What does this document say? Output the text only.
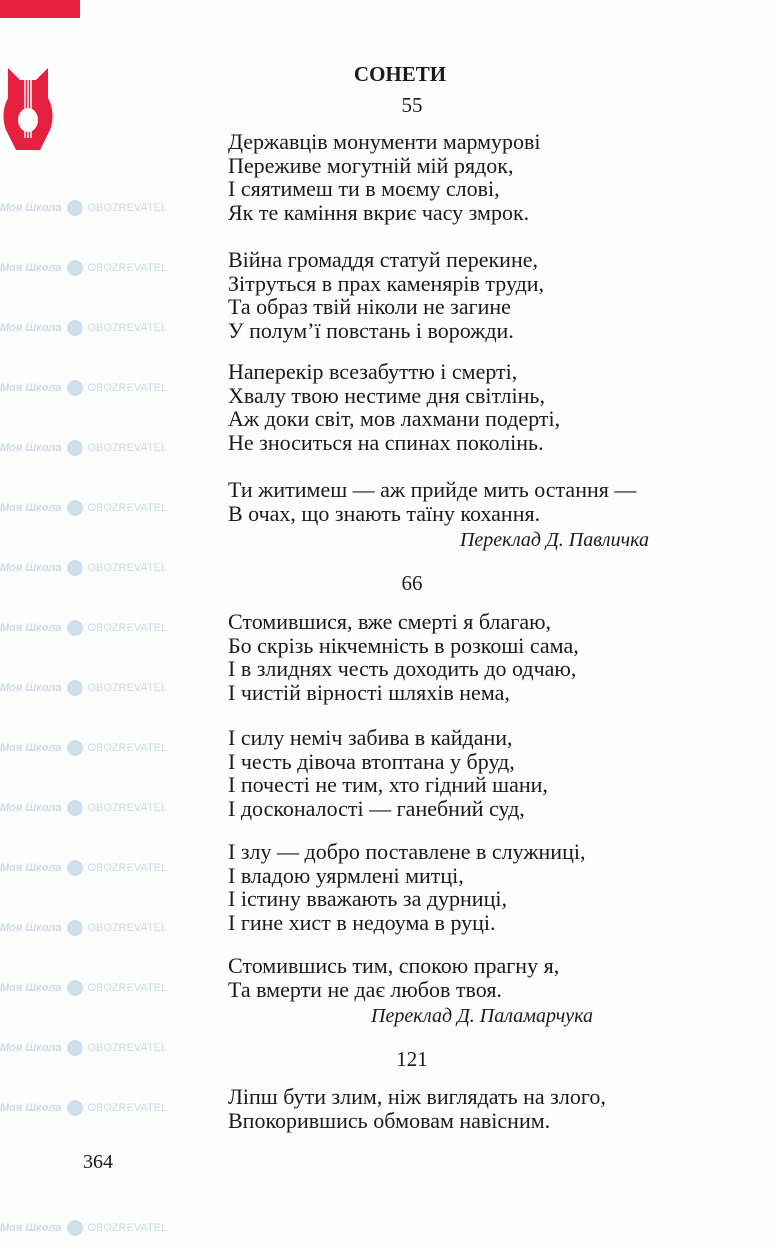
Моя Школа OBOZREVATEL
Моя Школа OBOZREVATEL
Моя Школа OBOZREVATEL
Моя Школа OBOZREVATEL
Моя Школа OBOZREVATEL
Моя Школа OBOZREVATEL
Моя Школа OBOZREVATEL
Моя Школа OBOZREVATEL
Моя Школа OBOZREVATEL
Моя Школа OBOZREVATEL
Моя Школа OBOZREVATEL
Моя Школа OBOZREVATEL
Моя Школа OBOZREVATEL
Моя Школа OBOZREVATEL
Моя Школа OBOZREVATEL
Моя Школа OBOZREVATEL
Моя Школа OBOZREVATEL
СОНЕТИ
55
Державців монументи мармурові
Переживе могутній мій рядок,
І сяятимеш ти в моєму слові,
Як те каміння вкриє часу змрок.
Війна громаддя статуй перекине,
Зітруться в прах каменярів труди,
Та образ твій ніколи не загине
У полум’ї повстань і ворожди.
Наперекір всезабуттю і смерті,
Хвалу твою нестиме дня світлінь,
Аж доки світ, мов лахмани подерті,
Не зноситься на спинах поколінь.
Ти житимеш — аж прийде мить остання —
В очах, що знають таїну кохання.
Переклад Д. Павличка
66
Стомившися, вже смерті я благаю,
Бо скрізь нікчемність в розкоші сама,
І в злиднях честь доходить до одчаю,
І чистій вірності шляхів нема,
І силу неміч забива в кайдани,
І честь дівоча втоптана у бруд,
І почесті не тим, хто гідний шани,
І досконалості — ганебний суд,
І злу — добро поставлене в служниці,
І владою уярмлені митці,
І істину вважають за дурниці,
І гине хист в недоума в руці.
Стомившись тим, спокою прагну я,
Та вмерти не дає любов твоя.
Переклад Д. Паламарчука
121
Ліпш бути злим, ніж виглядать на злого,
Впокорившись обмовам навісним.
364
